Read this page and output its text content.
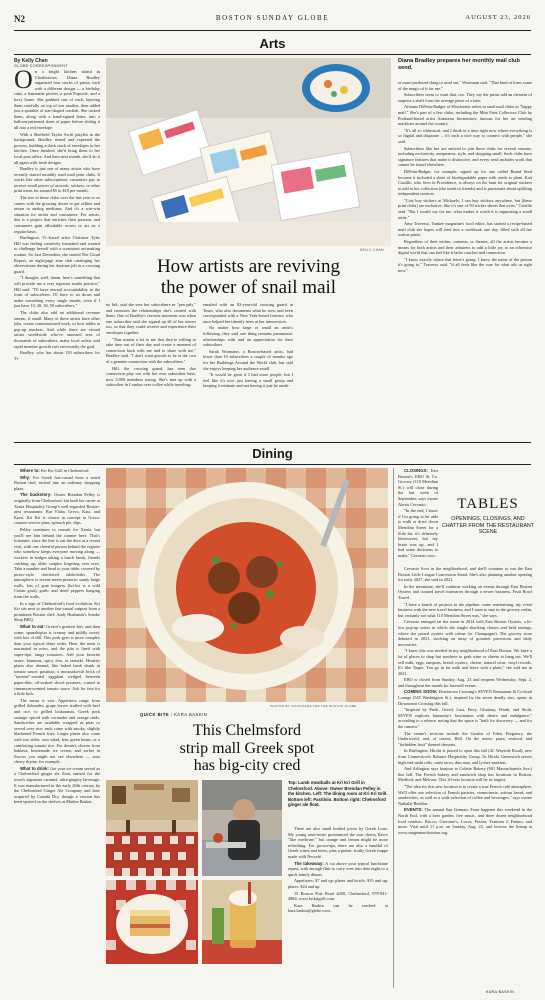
N2	BOSTON SUNDAY GLOBE	AUGUST 23, 2026
Arts
By Kelly Chan
GLOBE CORRESPONDENT
O n a bright kitchen island in Charlestown, Diana Bradley organized four stacks of prints, each with a different design — a birthday cake, a lemonade pitcher, a posh Popsicle, and a boxy home. She grabbed one of each, layering them carefully on top of one another, then added just a sprinkle of star-shaped confetti. She tucked them, along with a hand-signed letter, into a balloon-patterned sheet of paper before sliding it all into a red envelope.

With a Sheffield Taylor Swift playlist in the background, Bradley rinsed and repeated the process, building a thick stack of envelopes in her kitchen. Once finished, she'd bring them to her local post office. And then next month, she'd do it all again with fresh designs.

Bradley is just one of many artists who have recently started monthly snail mail print clubs. It works like other subscriptions: customers pay to receive small pieces of artwork, stickers, or other print items for around $5 to $10 per month.

The rise of these clubs over the last year or so comes with the growing desire to get offline and return to analog mediums. And it's a win-win situation for artists and consumers: For artists, this is a project that enriches their passion, and consumers gain affordable access to art on a regular basis.

Burlington, Vt.-based artist Christine Tyler Hill was feeling creatively frustrated and wanted to challenge herself with a consistent art-making routine. So, last December, she started The Cloud Report, an eight-page zine club cataloging her observations during her daytime job as a crossing guard.

"I thought, well, damn, here's something that will provide me a very rigorous studio practice," Hill said. "I'll have eternal accountability in the form of subscribers. I'll have to sit down and make something every single month, even if I just have 10, 20, 30, 50 subscribers."

The clubs also add an additional revenue stream, if small. Many of these artists have other jobs, create commissioned work, or host tables at pop-up markets. And while there are virtual artists worldwide who've amassed tens of thousands of subscribers, many local artists said rapid member growth isn't necessarily the goal.

Bradley, who has about 130 subscribers for Ti-

KELLY CHAN
Diana Bradley prepares her monthly mail club send.
How artists are reviving
the power of snail mail

ny Ink, said she sees her subscribers as "pen pals," and treasures the relationships she's created with them. One of Bradley's favorite moments was when one subscriber said she signed up all of her nieces too, so that they could receive and experience their envelopes together.

"That means a lot to me that they're willing to take time out of their day and create a moment of connection back with me and to share with me," Bradley said. "I don't want growth to be at the cost of a genuine connection with the subscribers."

Hill, the crossing guard, has seen that connection play out with her own subscriber base, now 3,000 members strong. She's met up with a subscriber in London over coffee while traveling;

emailed with an 82-year-old crossing guard in Texas, who also documents what he sees; and even corresponded with a New York-based forester, who once helped her identify trees at her intersection.

No matter how large or small an artist's following, they said one thing remains paramount: relationships with and an appreciation for their subscribers.

Sarah Wormann, a Boston-based artist, had fewer than 10 subscribers a couple of months ago for her Buildings Around the World club, but said she enjoys keeping her audience small.

"It would be great if I had more people, but I feel like it's nice just having a small group and keeping it intimate and not having it just be anoth-

er mass-produced thing to send out," Wormann said. "That kind of loses some of the magic of it for me."

Subscribers seem to want that, too. They say the prints add an element of surprise a shelf from the average piece of a latte.

Arianna DiPetta-Badger of Winchester refers to snail mail clubs as "happy mail." She's part of a few clubs, including the Mini Print Collectors Club by Portland-based artist Anastasia Inozemtsev, famous for her art vending machines around the country.

"It's all so whimsical, and I think in a time right now where everything is so digital and disparate ... it's such a nice way to connect with people," she said.

Subscribers like her are enticed to join these clubs for several reasons, including exclusivity, uniqueness, style, and shopping small. Such clubs have signature features that make it distinctive, and every send includes work that cannot be found elsewhere.

DiPetta-Badger, for example, signed up for one called Brand Seed because it included a sheet of biodegradable paper with seeds to plant. Kait Castillo, who lives in Providence, is always on the hunt for original stickers to add to her collection (she sends to friends) and is passionate about uplifting independent creators.

"Cost buy stickers at Michaels; I can buy stickers anywhere, but [these print clubs] are exclusive, like it's one of 50 sticker sheets that exist," Castillo said. "But I would say for me, what makes it worth it is supporting a small artist."

Amy Traverso, Yankee magazine's food editor, has started a recipe-based mail club she hopes will feed into a cookbook one day, filled with all her walrus prints.

Regardless of their niches, contents, or themes, all the artists became a means for both artists and their admirers to add a little joy to an otherwise digital world that can feel like it lacks comfort and connection.

"I know exactly where that letter's going. I know the name of the person it's going to," Traverso said. "It all feels like the cure for what ails us right now."

Dining

Where to: Kri Kri Grill in Chelmsford.

Why: For Greek fast-casual from a noted Boston chef, tucked into an ordinary shopping plaza.

The backstory: Owner Brendan Pelley is originally from Chelmsford, but built his career at Xenia Hospitality Group's well-regarded Boston-area restaurants: Bar Vlaha, Greco, Kaia, and Krasi. Kri Kri is closest in concept to Greco: counter-service pitas, spinach pie, dips.

Pelley continues to consult for Xenia, but you'll see him behind the counter here. That's fortunate, since the line is out the door at a recent visit, with one cheerful person behind the register who somehow keeps everyone moving along — workers in badges taking a lunch break, friends catching up, older couples lingering over orzo. Take a number and head to your table, covered by picnic-style checkered tablecloths. The atmosphere is tavern-meets-pizzeria: sandy beige walls, lots of goat imagery (kri-kri is a wild Cretan goat), garlic and dried peppers hanging from the walls.

In a sign of Chelmsford's food evolution, Kri Kri sits next to another fast-casual outpost from a prominent Boston chef: Andy Husbands's Smoke Shop BBQ.

What to eat: Greece's greatest hits, and then some: spanakopita is creamy and mildly sweet, with lots of dill. This pork gyro is more complex than your typical diner order. Here, the meat is marinated in miso, and the pita is lined with super-ripe, tangy tomatoes. Add your favorite sauce: hummus, spicy feta, or tzatziki. Heartier plates also abound, like baked lamb shank in tomato sauce; pastitsio; a moussaka-ish brick of "taverna"-roasted eggplant wedged between paper-thin, oil-soaked sliced potatoes, coated in cinnamon-scented tomato sauce. Ask for feta for a little kick.

The menu is vast. Appetizers range from grilled dolmades, grape leaves stuffed with beef and rice, to grilled loukoumas, Greek pork sausage spiced with coriander and orange rinds. Sandwiches are available wrapped as pitas or served over rice; each come with smoky, slightly blackened French fries. Larger plates also come with two sides: orzo salad, feta, green beans, or a comforting tomato rice. For dessert, choose from baklava, homemade ice cream, and sorbet in flavors you might not see elsewhere — sour cherry thyme, for example.

What to drink: Get your ice cream served as a Chelmsford ginger ale float, named for the town's signature caramel, ultra-gingery beverage. It was manufactured in the early 20th century by the Chelmsford Ginger Ale Company and later acquired by Canada Dry, though a version has been spotted on the shelves at Market Basket.

PHOTOS BY VIKCOGANA FOR THE BOSTON GLOBE
QUICK BITE | KARA BASKIN
This Chelmsford
strip mall Greek spot
has big-city cred
Top: Lamb meatballs at Kri Kri Grill in Chelmsford. Above: Owner Brendan Pelley in the kitchen. Left: The dining room at Kri Kri Grill. Bottom left: Pastitsio. Bottom right: Chelmsford ginger ale float.

There are also small bottled juices by Greek Loux. My young taste-tester pronounced the sour cherry flavor "like medicine," but orange and lemon might be more refreshing. For grown-ups, there are also a handful of Greek wines and beers, plus a potent, frothy Greek frappe made with Nescafé.

The takeaway: A cut above your typical lunchtime repast, with enough flair to carry over into date night or a quick family dinner.

Appetizers: $7 and up; plates and bowls: $15 and up; plates: $24 and up.

15 Boston Post Road #200, Chelmsford, 978-941-4884, www.krikrigrill.com.

Kara Baskin can be reached at kara.baskin@globe.com.

TABLES
OPENINGS, CLOSINGS, AND CHATTER FROM THE RESTAURANT SCENE

CLOSINGS: East Boston's EBO & Co. Grocery (110 Meridian St.) will close during the last week of September, says owner Alexis Cervasio.

"In the end, I know if I'm going to be able to walk or drive down Meridian Street for a little bit, it's definitely bittersweet, but my brain was up, and I had some decisions to make," Cervasio says.

Cervasio lives in the neighborhood, and she'll continue to run the East Boston Little League Concession Stand. She's also planning another opening for early 2027, she said in 2021.

In the meantime, she'll continue working on events through East Boston Oysters and curated travel itineraries through a newer business, Fruit Bowl Travel.

"I have a bunch of projects in the pipeline: some entertaining, my event business with the new travel business, and I want to stay in the grocery realm, but certainly not what 110 Meridian Street was," she says.

Cervasio emerged on the scene in 2014 with East Boston Oysters, a hi-low pop-up series in which she taught shucking classes and held tastings, where she paired oysters with crème (or Champagne). The grocery store debuted in 2021, stocking an array of gourmet provisions and daily necessities.

"I knew this was needed in my neighborhood of East Boston. We have a lot of places to shop but nowhere to grab wine or cheese to hang out. We'll sell milk, eggs, tampons, bread, oysters, cheese, natural wine, vinyl records. It's like Target. You go in for milk and leave with a plant," she told me in 2021.

EBO is closed from Sunday, Aug. 23 and reopens Wednesday, Sept. 2, and throughout the month for farewell events.

COMING SOON: Downtown Crossing's SEVEN Restaurant & Cocktail Lounge (545 Washington St.), inspired by the seven deadly sins, opens in Downtown Crossing this fall.

"Inspired by Pride, Greed, Lust, Envy, Gluttony, Wrath, and Sloth, SEVEN explores humanity's fascination with desire and indulgence," according to a release, noting that the space is "built for discovery — and for the camera."

The venue's sections include the Garden of Eden, Purgatory, the Underworld, and, of course, Hell. On the menu: pasta, seafood, and "forbidden fruit" themed desserts.

In Burlington, Hiroki is poised to open this fall (4C Wayside Road), new from Connecticut's Balance Hospitality Group. Its Hiroki Greenwich serves high-end sushi rolls, sushi tacos, dim sum, and lychee martinis.

And Arlington says bonjour to Colette Bakery (681 Massachusetts Ave.) this fall. The French bakery and sandwich shop has locations in Boston, Medford, and Melrose. This 20-seat location will be its largest.

"The idea for this new location is to create a true French café atmosphere. We'll offer our selection of French pastries, viennoiserie, artisan bread, and sandwiches, as well as a wide selection of coffee and beverages," says owner Nathalie Beddiar.

EVENTS: The annual San Gennaro Feast happens this weekend in the North End, with a beer garden, live music, and three dozen neighborhood food vendors: Bricco, Giacomo's, Lucca, Prezza, Trattoria il Panino, and more. Visit until 11 p.m. on Sunday, Aug. 23, and browse the lineup at www.sangennarobostion.org.

KARA BASKIN
